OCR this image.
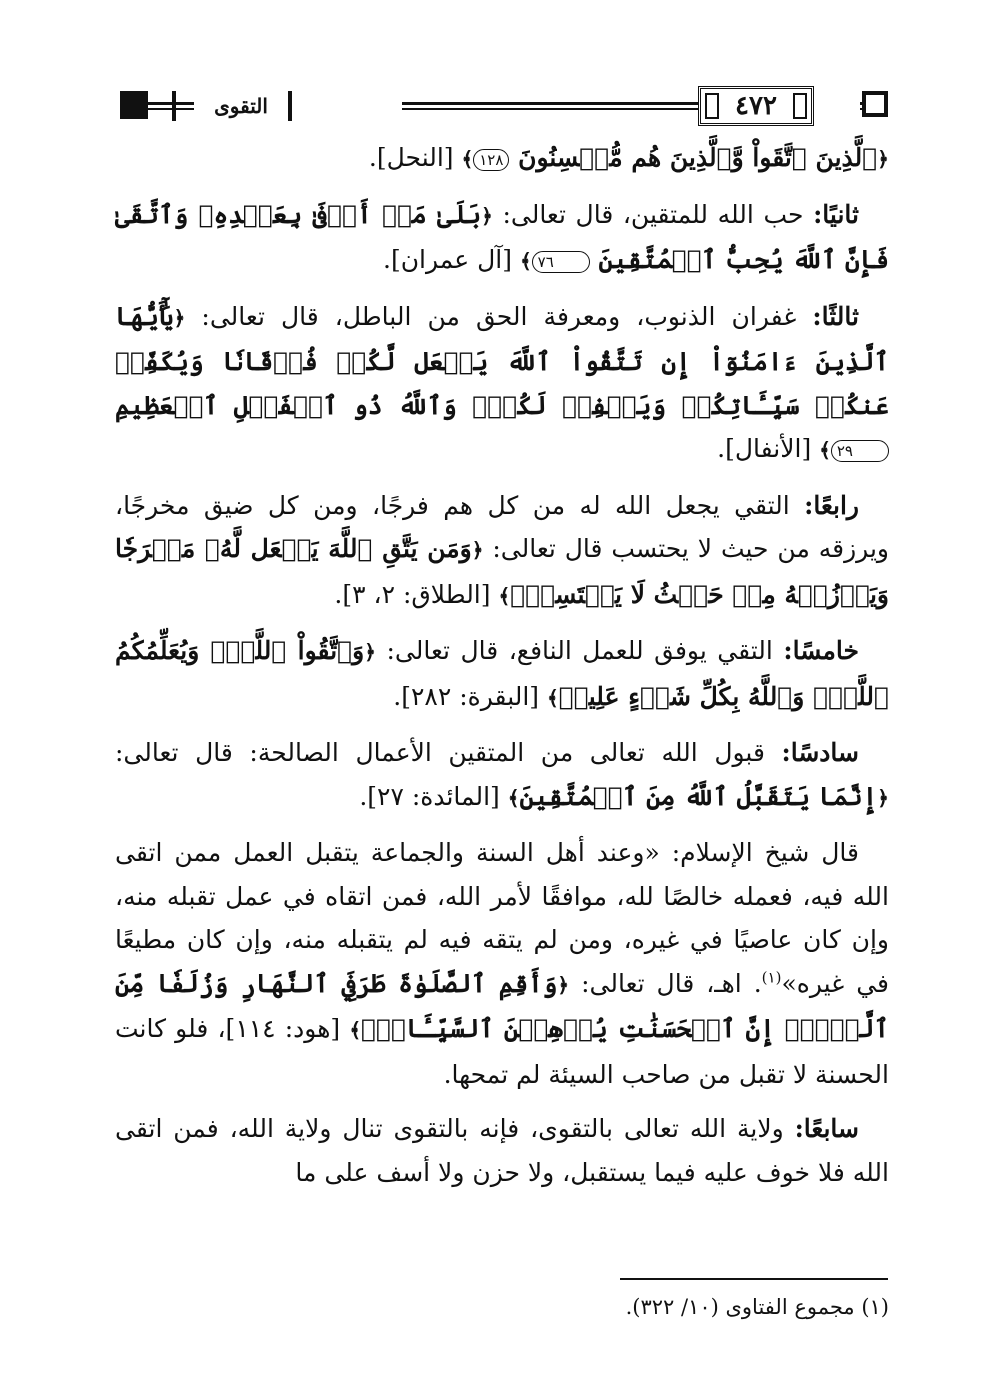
التقوى	٤٧٢

﴿ٱلَّذِينَ ٱتَّقَواْ وَّٱلَّذِينَ هُم مُّحۡسِنُونَ ١٢٨﴾ [النحل].

ثانيًا: حب الله للمتقين، قال تعالى: ﴿بَلَىٰ مَنۡ أَوۡفَىٰ بِعَهۡدِهِۦ وَٱتَّقَىٰ فَإِنَّ ٱللَّهَ يُحِبُّ ٱلۡمُتَّقِينَ ٧٦﴾ [آل عمران].

ثالثًا: غفران الذنوب، ومعرفة الحق من الباطل، قال تعالى: ﴿يَٰٓأَيُّهَا ٱلَّذِينَ ءَامَنُوٓاْ إِن تَتَّقُواْ ٱللَّهَ يَجۡعَل لَّكُمۡ فُرۡقَانٗا وَيُكَفِّرۡ عَنكُمۡ سَيِّـَٔاتِكُمۡ وَيَغۡفِرۡ لَكُمۡۗ وَٱللَّهُ ذُو ٱلۡفَضۡلِ ٱلۡعَظِيمِ ٢٩﴾ [الأنفال].

رابعًا: التقي يجعل الله له من كل هم فرجًا، ومن كل ضيق مخرجًا، ويرزقه من حيث لا يحتسب قال تعالى: ﴿وَمَن يَتَّقِ ٱللَّهَ يَجۡعَل لَّهُۥ مَخۡرَجٗا وَيَرۡزُقۡهُ مِنۡ حَيۡثُ لَا يَحۡتَسِبُۚ﴾ [الطلاق: ٢، ٣].

خامسًا: التقي يوفق للعمل النافع، قال تعالى: ﴿وَٱتَّقُواْ ٱللَّهَۖ وَيُعَلِّمُكُمُ ٱللَّهُۗ وَٱللَّهُ بِكُلِّ شَيۡءٍ عَلِيمٞ﴾ [البقرة: ٢٨٢].

سادسًا: قبول الله تعالى من المتقين الأعمال الصالحة: قال تعالى: ﴿إِنَّمَا يَتَقَبَّلُ ٱللَّهُ مِنَ ٱلۡمُتَّقِينَ﴾ [المائدة: ٢٧].

قال شيخ الإسلام: «وعند أهل السنة والجماعة يتقبل العمل ممن اتقى الله فيه، فعمله خالصًا لله، موافقًا لأمر الله، فمن اتقاه في عمل تقبله منه، وإن كان عاصيًا في غيره، ومن لم يتقه فيه لم يتقبله منه، وإن كان مطيعًا في غيره»$^{(١)}$. اهـ، قال تعالى: ﴿وَأَقِمِ ٱلصَّلَوٰةَ طَرَفَيِ ٱلنَّهَارِ وَزُلَفٗا مِّنَ ٱلَّيۡلِۚ إِنَّ ٱلۡحَسَنَٰتِ يُذۡهِبۡنَ ٱلسَّيِّـَٔاتِۚ﴾ [هود: ١١٤]، فلو كانت الحسنة لا تقبل من صاحب السيئة لم تمحها.

سابعًا: ولاية الله تعالى بالتقوى، فإنه بالتقوى تنال ولاية الله، فمن اتقى الله فلا خوف عليه فيما يستقبل، ولا حزن ولا أسف على ما

(١) مجموع الفتاوى (١٠/ ٣٢٢).
